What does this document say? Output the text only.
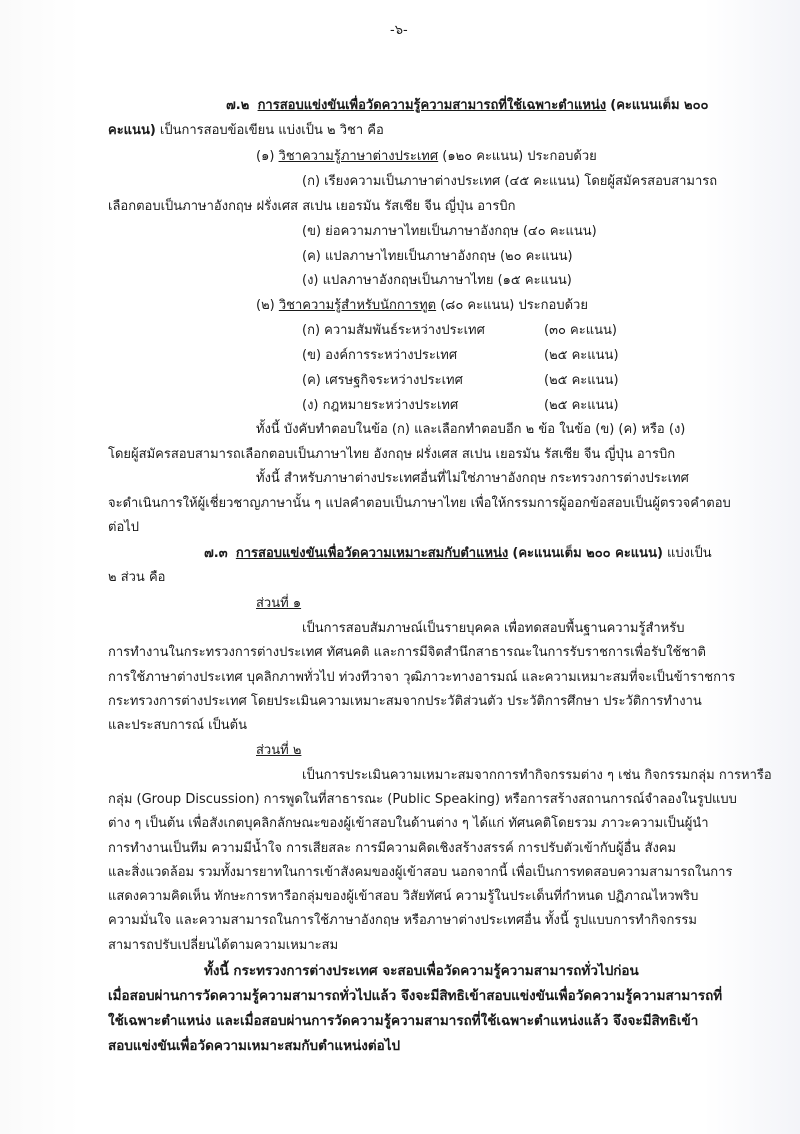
-๖-
๗.๒ การสอบแข่งขันเพื่อวัดความรู้ความสามารถที่ใช้เฉพาะตำแหน่ง (คะแนนเต็ม ๒๐๐
คะแนน) เป็นการสอบข้อเขียน แบ่งเป็น ๒ วิชา คือ
(๑) วิชาความรู้ภาษาต่างประเทศ (๑๒๐ คะแนน) ประกอบด้วย
(ก) เรียงความเป็นภาษาต่างประเทศ (๔๕ คะแนน) โดยผู้สมัครสอบสามารถ
เลือกตอบเป็นภาษาอังกฤษ ฝรั่งเศส สเปน เยอรมัน รัสเซีย จีน ญี่ปุ่น อารบิก
(ข) ย่อความภาษาไทยเป็นภาษาอังกฤษ (๔๐ คะแนน)
(ค) แปลภาษาไทยเป็นภาษาอังกฤษ (๒๐ คะแนน)
(ง) แปลภาษาอังกฤษเป็นภาษาไทย (๑๕ คะแนน)
(๒) วิชาความรู้สำหรับนักการทูต (๘๐ คะแนน) ประกอบด้วย
(ก) ความสัมพันธ์ระหว่างประเทศ	(๓๐ คะแนน)
(ข) องค์การระหว่างประเทศ	(๒๕ คะแนน)
(ค) เศรษฐกิจระหว่างประเทศ	(๒๕ คะแนน)
(ง) กฎหมายระหว่างประเทศ	(๒๕ คะแนน)
ทั้งนี้ บังคับทำตอบในข้อ (ก) และเลือกทำตอบอีก ๒ ข้อ ในข้อ (ข) (ค) หรือ (ง)
โดยผู้สมัครสอบสามารถเลือกตอบเป็นภาษาไทย อังกฤษ ฝรั่งเศส สเปน เยอรมัน รัสเซีย จีน ญี่ปุ่น อารบิก
ทั้งนี้ สำหรับภาษาต่างประเทศอื่นที่ไม่ใช่ภาษาอังกฤษ กระทรวงการต่างประเทศ
จะดำเนินการให้ผู้เชี่ยวชาญภาษานั้น ๆ แปลคำตอบเป็นภาษาไทย เพื่อให้กรรมการผู้ออกข้อสอบเป็นผู้ตรวจคำตอบ
ต่อไป
๗.๓ การสอบแข่งขันเพื่อวัดความเหมาะสมกับตำแหน่ง (คะแนนเต็ม ๒๐๐ คะแนน) แบ่งเป็น
๒ ส่วน คือ
ส่วนที่ ๑
เป็นการสอบสัมภาษณ์เป็นรายบุคคล เพื่อทดสอบพื้นฐานความรู้สำหรับ
การทำงานในกระทรวงการต่างประเทศ ทัศนคติ และการมีจิตสำนึกสาธารณะในการรับราชการเพื่อรับใช้ชาติ
การใช้ภาษาต่างประเทศ บุคลิกภาพทั่วไป ท่วงทีวาจา วุฒิภาวะทางอารมณ์ และความเหมาะสมที่จะเป็นข้าราชการ
กระทรวงการต่างประเทศ โดยประเมินความเหมาะสมจากประวัติส่วนตัว ประวัติการศึกษา ประวัติการทำงาน
และประสบการณ์ เป็นต้น
ส่วนที่ ๒
เป็นการประเมินความเหมาะสมจากการทำกิจกรรมต่าง ๆ เช่น กิจกรรมกลุ่ม การหารือ
กลุ่ม (Group Discussion) การพูดในที่สาธารณะ (Public Speaking) หรือการสร้างสถานการณ์จำลองในรูปแบบ
ต่าง ๆ เป็นต้น เพื่อสังเกตบุคลิกลักษณะของผู้เข้าสอบในด้านต่าง ๆ ได้แก่ ทัศนคติโดยรวม ภาวะความเป็นผู้นำ
การทำงานเป็นทีม ความมีน้ำใจ การเสียสละ การมีความคิดเชิงสร้างสรรค์ การปรับตัวเข้ากับผู้อื่น สังคม
และสิ่งแวดล้อม รวมทั้งมารยาทในการเข้าสังคมของผู้เข้าสอบ นอกจากนี้ เพื่อเป็นการทดสอบความสามารถในการ
แสดงความคิดเห็น ทักษะการหารือกลุ่มของผู้เข้าสอบ วิสัยทัศน์ ความรู้ในประเด็นที่กำหนด ปฏิภาณไหวพริบ
ความมั่นใจ และความสามารถในการใช้ภาษาอังกฤษ หรือภาษาต่างประเทศอื่น ทั้งนี้ รูปแบบการทำกิจกรรม
สามารถปรับเปลี่ยนได้ตามความเหมาะสม
ทั้งนี้ กระทรวงการต่างประเทศ จะสอบเพื่อวัดความรู้ความสามารถทั่วไปก่อน
เมื่อสอบผ่านการวัดความรู้ความสามารถทั่วไปแล้ว จึงจะมีสิทธิเข้าสอบแข่งขันเพื่อวัดความรู้ความสามารถที่
ใช้เฉพาะตำแหน่ง และเมื่อสอบผ่านการวัดความรู้ความสามารถที่ใช้เฉพาะตำแหน่งแล้ว จึงจะมีสิทธิเข้า
สอบแข่งขันเพื่อวัดความเหมาะสมกับตำแหน่งต่อไป
